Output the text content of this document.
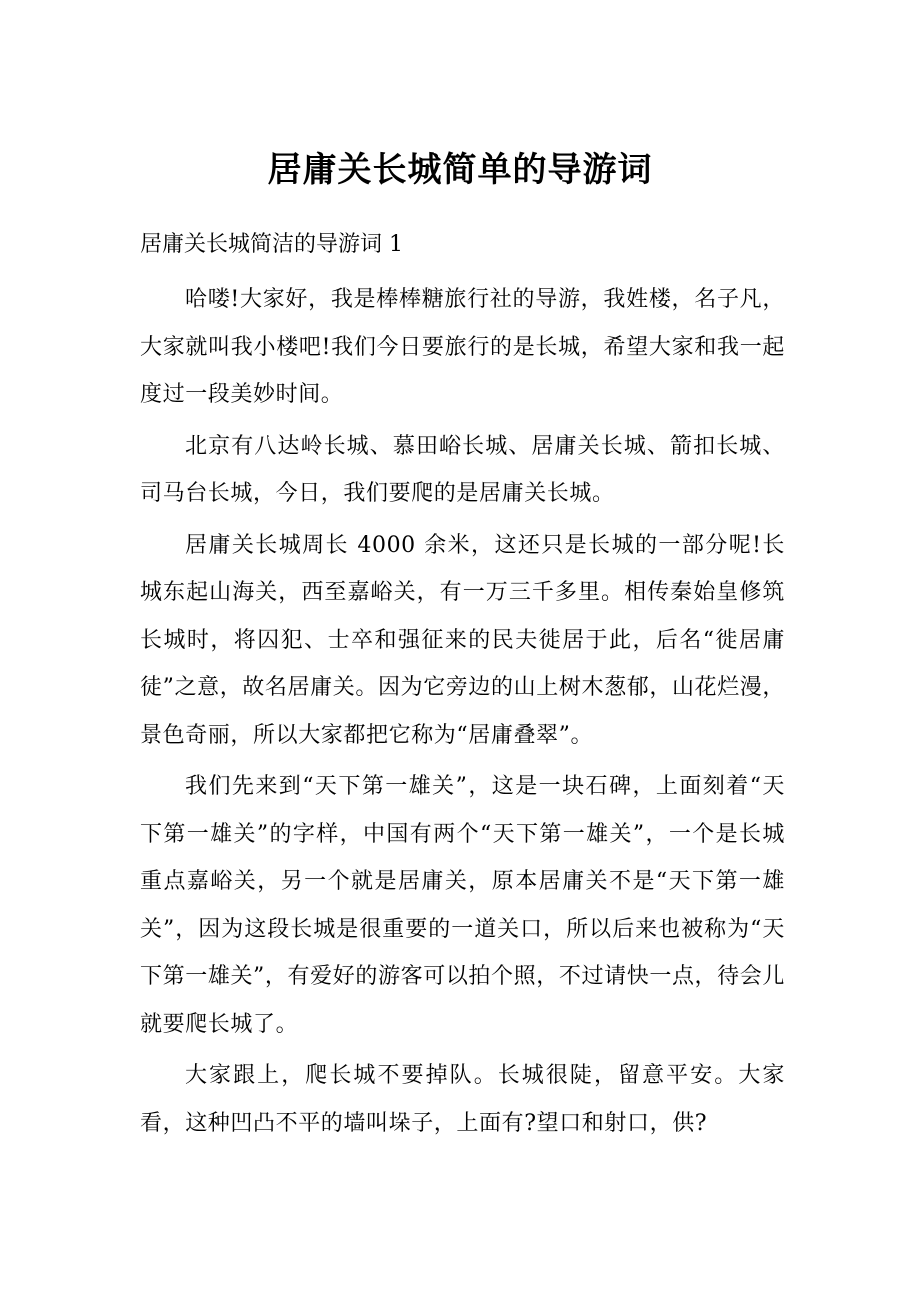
居庸关长城简单的导游词
居庸关长城简洁的导游词 1

哈喽!大家好，我是棒棒糖旅行社的导游，我姓楼，名子凡，大家就叫我小楼吧!我们今日要旅行的是长城，希望大家和我一起度过一段美妙时间。

北京有八达岭长城、慕田峪长城、居庸关长城、箭扣长城、司马台长城，今日，我们要爬的是居庸关长城。

居庸关长城周长 4000 余米，这还只是长城的一部分呢!长城东起山海关，西至嘉峪关，有一万三千多里。相传秦始皇修筑长城时，将囚犯、士卒和强征来的民夫徙居于此，后名“徙居庸徒”之意，故名居庸关。因为它旁边的山上树木葱郁，山花烂漫，景色奇丽，所以大家都把它称为“居庸叠翠”。

我们先来到“天下第一雄关”，这是一块石碑，上面刻着“天下第一雄关”的字样，中国有两个“天下第一雄关”，一个是长城重点嘉峪关，另一个就是居庸关，原本居庸关不是“天下第一雄关”，因为这段长城是很重要的一道关口，所以后来也被称为“天下第一雄关”，有爱好的游客可以拍个照，不过请快一点，待会儿就要爬长城了。

大家跟上，爬长城不要掉队。长城很陡，留意平安。大家看，这种凹凸不平的墙叫垛子，上面有?望口和射口，供?
